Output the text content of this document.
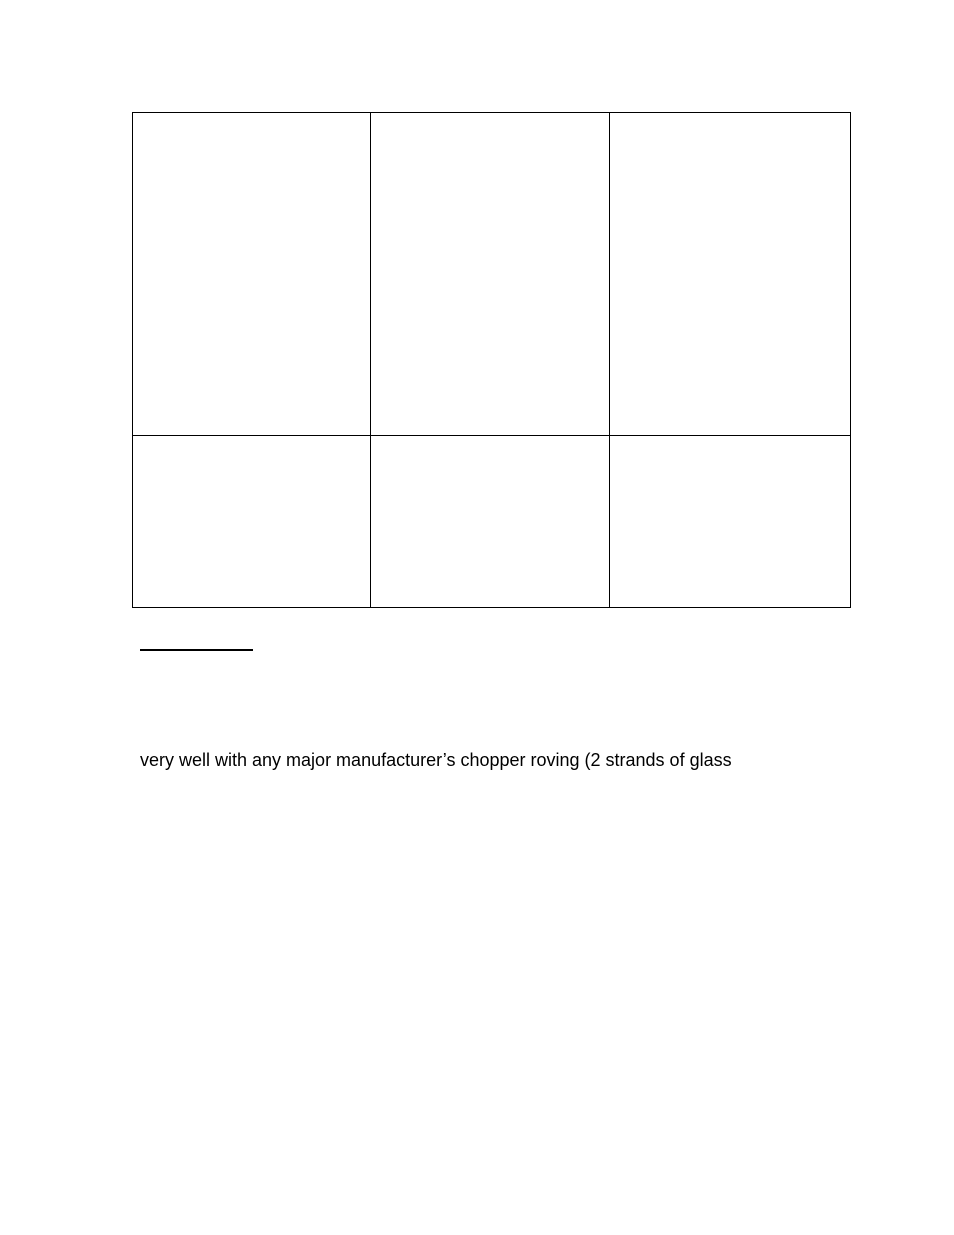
very well with any major manufacturer’s chopper roving (2 strands of glass
